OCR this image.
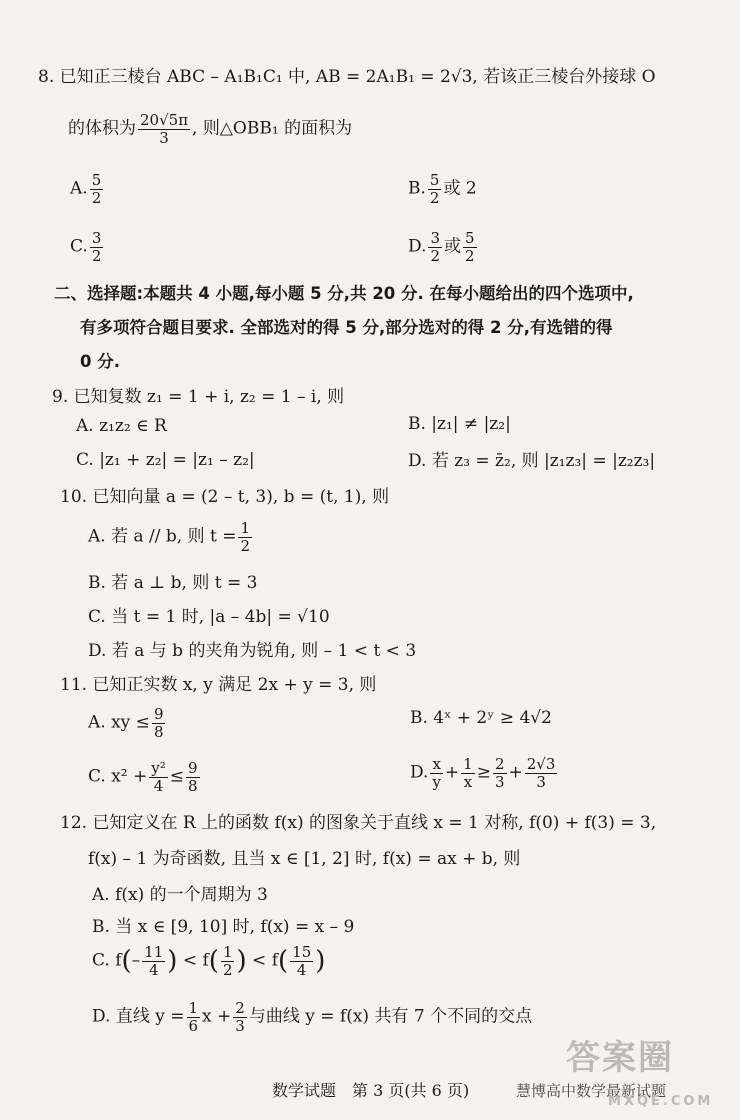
8. 已知正三棱台 ABC – A₁B₁C₁ 中, AB = 2A₁B₁ = 2√3, 若该正三棱台外接球 O
的体积为 $\frac{20√5\pi}{3}$ , 则△OBB₁ 的面积为
A. $\frac{5}{2}$	B. $\frac{5}{2}$ 或 2
C. $\frac{3}{2}$	D. $\frac{3}{2}$ 或 $\frac{5}{2}$
二、选择题:本题共 4 小题,每小题 5 分,共 20 分. 在每小题给出的四个选项中,
有多项符合题目要求. 全部选对的得 5 分,部分选对的得 2 分,有选错的得
0 分.
9. 已知复数 z₁ = 1 + i, z₂ = 1 – i, 则
A. z₁z₂ ∈ R	B. |z₁| ≠ |z₂|
C. |z₁ + z₂| = |z₁ – z₂|	D. 若 z₃ = z̄₂, 则 |z₁z₃| = |z₂z₃|
10. 已知向量 a = (2 – t, 3), b = (t, 1), 则
A. 若 a // b, 则 $t = \frac{1}{2}$
B. 若 a ⊥ b, 则 t = 3
C. 当 t = 1 时, |a – 4b| = √10
D. 若 a 与 b 的夹角为锐角, 则 – 1 < t < 3
11. 已知正实数 x, y 满足 2x + y = 3, 则
A. xy ≤ $\frac{9}{8}$	B. 4ˣ + 2ʸ ≥ 4√2
C. $x^2 + \frac{\text{y²}}{4} \le \frac{9}{8}$	D. $\frac{x}{y} + \frac{1}{x} \ge \frac{2}{3} + \frac{2√3}{3}$
12. 已知定义在 R 上的函数 f(x) 的图象关于直线 x = 1 对称, f(0) + f(3) = 3,
f(x) – 1 为奇函数, 且当 x ∈ [1, 2] 时, f(x) = ax + b, 则
A. f(x) 的一个周期为 3
B. 当 x ∈ [9, 10] 时, f(x) = x – 9
C. $f(- \frac{11}{4}$ ) < $f( \frac{1}{2}$ ) < $f( \frac{15}{4}$ )
D. 直线 $y = \frac{1}{6}$ $x + \frac{2}{3}$ 与曲线 y = f(x) 共有 7 个不同的交点
数学试题　第 3 页(共 6 页)	慧博高中数学最新试题
答案圈
MXQE.COM
